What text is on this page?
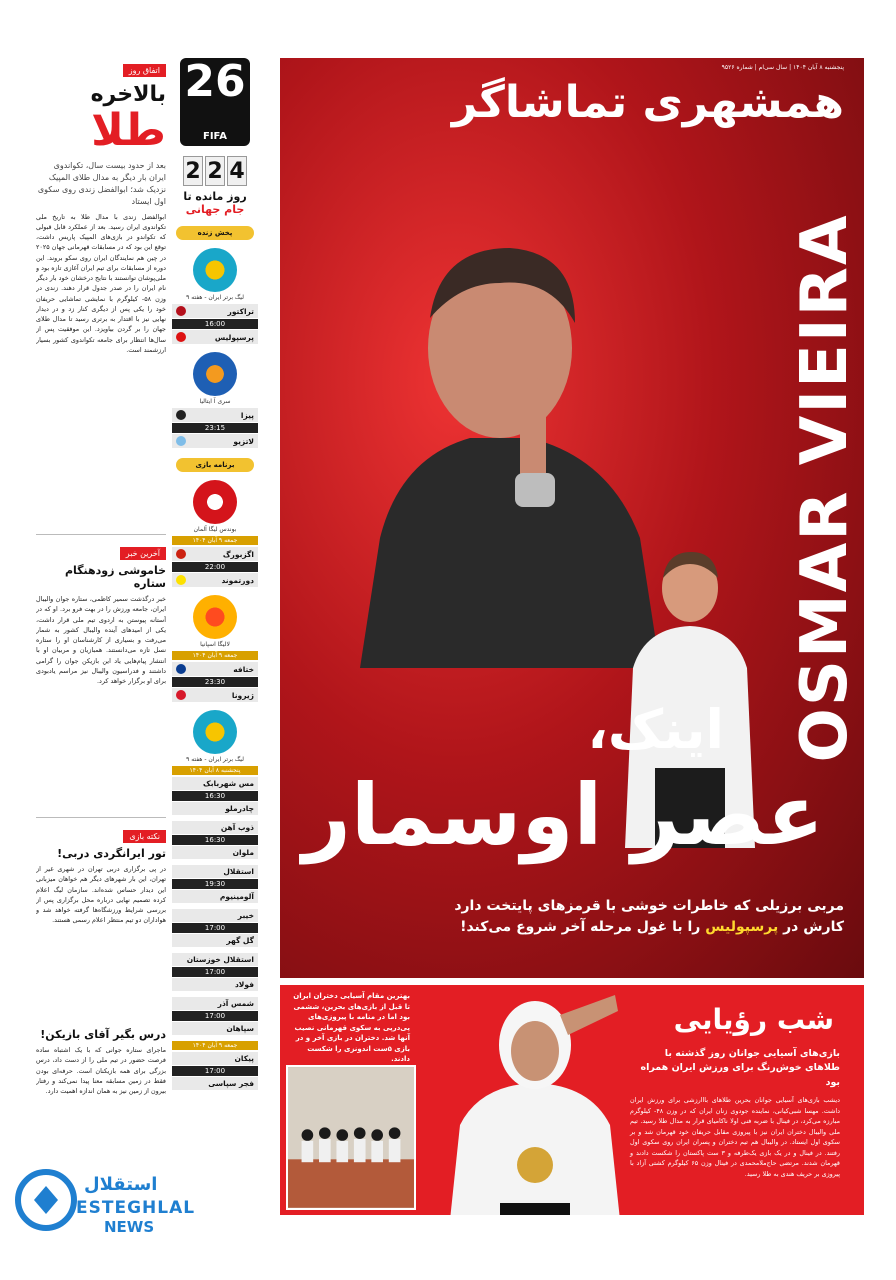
اتفاق روز
بالاخره
طلا

بعد از حدود بیست سال، تکواندوی ایران بار دیگر به مدال طلای المپیک نزدیک شد؛ ابوالفضل زندی روی سکوی اول ایستاد

ابوالفضل زندی با مدال طلا به تاریخ ملی تکواندوی ایران رسید. بعد از عملکرد قابل قبولی که تکواندو در بازی‌های المپیک پاریس داشت، توقع این بود که در مسابقات قهرمانی جهان ۲۰۲۵ در چین هم نمایندگان ایران روی سکو بروند. این دوره از مسابقات برای تیم ایران آغازی تازه بود و ملی‌پوشان توانستند با نتایج درخشان خود بار دیگر نام ایران را در صدر جدول قرار دهند. زندی در وزن ۵۸- کیلوگرم با نمایشی تماشایی حریفان خود را یکی پس از دیگری کنار زد و در دیدار نهایی نیز با اقتدار به برتری رسید تا مدال طلای جهان را بر گردن بیاویزد. این موفقیت پس از سال‌ها انتظار برای جامعه تکواندوی کشور بسیار ارزشمند است.

آخرین خبر
خاموشی زودهنگام ستاره

خبر درگذشت سمیر کاظمی، ستاره جوان والیبال ایران، جامعه ورزش را در بهت فرو برد. او که در آستانه پیوستن به اردوی تیم ملی قرار داشت، یکی از امیدهای آینده والیبال کشور به شمار می‌رفت و بسیاری از کارشناسان او را ستاره نسل تازه می‌دانستند. همبازیان و مربیان او با انتشار پیام‌هایی یاد این بازیکن جوان را گرامی داشتند و فدراسیون والیبال نیز مراسم یادبودی برای او برگزار خواهد کرد.

نکته بازی
تور ایرانگردی دربی!

در پی برگزاری دربی تهران در شهری غیر از تهران، این بار شهرهای دیگر هم خواهان میزبانی این دیدار حساس شده‌اند. سازمان لیگ اعلام کرده تصمیم نهایی درباره محل برگزاری پس از بررسی شرایط ورزشگاه‌ها گرفته خواهد شد و هواداران دو تیم منتظر اعلام رسمی هستند.

درس بگیر آقای بازیکن!

ماجرای ستاره جوانی که با یک اشتباه ساده فرصت حضور در تیم ملی را از دست داد، درس بزرگی برای همه بازیکنان است. حرفه‌ای بودن فقط در زمین مسابقه معنا پیدا نمی‌کند و رفتار بیرون از زمین نیز به همان اندازه اهمیت دارد.

26
FIFA
2 2 4
روز مانده تا
جام جهانی
پخش زنده
لیگ برتر ایران - هفته ۹
تراکتور
16:00
پرسپولیس
سری آ ایتالیا
پیزا
23:15
لاتزیو
برنامه بازی
بوندس لیگا آلمان
جمعه ۹ آبان ۱۴۰۴
اگزبورگ
22:00
دورتموند
لالیگا اسپانیا
جمعه ۹ آبان ۱۴۰۴
ختافه
23:30
ژیرونا
لیگ برتر ایران - هفته ۹
پنجشنبه ۸ آبان ۱۴۰۴
مس شهربابک
16:30
چادرملو
ذوب آهن
16:30
ملوان
استقلال
19:30
آلومینیوم
خیبر
17:00
گل گهر
استقلال خوزستان
17:00
فولاد
شمس آذر
17:00
سپاهان
جمعه ۹ آبان ۱۴۰۴
پیکان
17:00
فجر سپاسی
همشهری تماشاگر
پنجشنبه ۸ آبان ۱۴۰۴ | سال سی‌ام | شماره ۹۵۲۶
OSMAR VIEIRA
اینک،
عصر اوسمار
مربی برزیلی که خاطرات خوشی با قرمزهای پایتخت دارد
کارش در پرسپولیس را با غول مرحله آخر شروع می‌کند!
بهترین مقام آسیایی دختران ایران تا قبل از بازی‌های بحرین، ششمی بود اما در منامه با پیروزی‌های پی‌در‌پی به سکوی قهرمانی نصیب آنها شد. دختران در بازی آخر و در بازی ۵ست اندونزی را شکست دادند.
شب رؤیایی
بازی‌های آسیایی جوانان روز گذشته با طلاهای خوش‌رنگ برای ورزش ایران همراه بود
دیشب بازی‌های آسیایی جوانان بحرین طلاهای بااارزشی برای ورزش ایران داشت. مهسا شبی‌کیانی، نماینده جودوی زنان ایران که در وزن ۴۸- کیلوگرم مبارزه می‌کرد، در فینال با ضربه فنی اولا ناکامیای قرار به مدال طلا رسید. تیم ملی والیبال دختران ایران نیز با پیروزی مقابل حریفان خود قهرمان شد و بر سکوی اول ایستاد. در والیبال هم تیم دختران و پسران ایران روی سکوی اول رفتند. در فینال و در یک بازی یک‌طرفه و ۳ ست پاکستان را شکست دادند و قهرمان شدند. مرتضی حاج‌ملامحمدی در فینال وزن ۶۵ کیلوگرم کشتی آزاد با پیروزی بر حریف هندی به طلا رسید.
استقلال
ESTEGHLAL
NEWS
